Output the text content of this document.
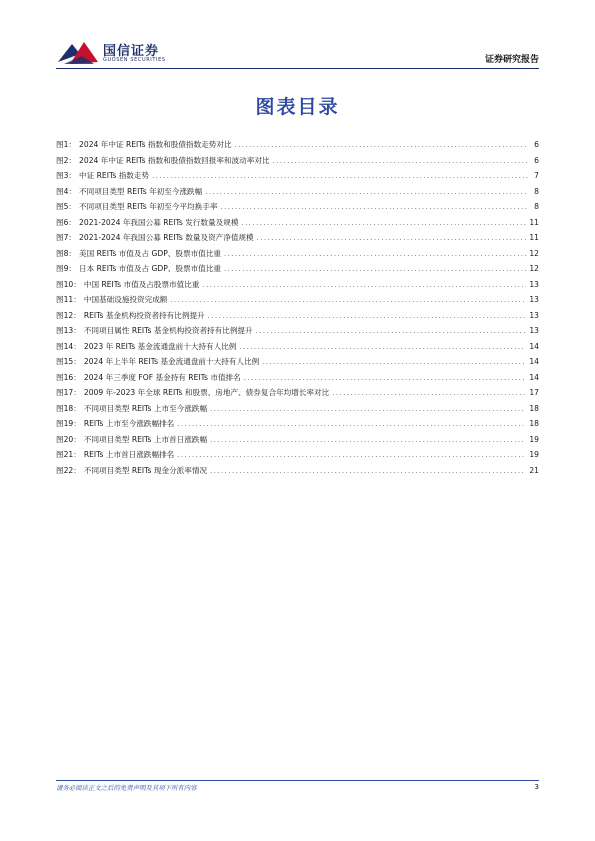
国信证券
GUOSEN SECURITIES	证券研究报告
图表目录
图1： 2024 年中证 REITs 指数和股债指数走势对比 .....	6
图2： 2024 年中证 REITs 指数和股债指数回报率和波动率对比 .....	6
图3： 中证 REITs 指数走势 .....	7
图4： 不同项目类型 REITs 年初至今涨跌幅 .....	8
图5： 不同项目类型 REITs 年初至今平均换手率 .....	8
图6： 2021-2024 年我国公募 REITs 发行数量及规模 .....	11
图7： 2021-2024 年我国公募 REITs 数量及资产净值规模 .....	11
图8： 美国 REITs 市值及占 GDP、股票市值比重 .....	12
图9： 日本 REITs 市值及占 GDP、股票市值比重 .....	12
图10： 中国 REITs 市值及占股票市值比重 .....	13
图11： 中国基础设施投资完成额 .....	13
图12： REITs 基金机构投资者持有比例提升 .....	13
图13： 不同项目属性 REITs 基金机构投资者持有比例提升 .....	13
图14： 2023 年 REITs 基金流通盘前十大持有人比例 .....	14
图15： 2024 年上半年 REITs 基金流通盘前十大持有人比例 .....	14
图16： 2024 年三季度 FOF 基金持有 REITs 市值排名 .....	14
图17： 2009 年-2023 年全球 REITs 和股票、房地产、债券复合年均增长率对比 .....	17
图18： 不同项目类型 REITs 上市至今涨跌幅 .....	18
图19： REITs 上市至今涨跌幅排名 .....	18
图20： 不同项目类型 REITs 上市首日涨跌幅 .....	19
图21： REITs 上市首日涨跌幅排名 .....	19
图22： 不同项目类型 REITs 现金分派率情况 .....	21
请务必阅读正文之后的免责声明及其项下所有内容	3
